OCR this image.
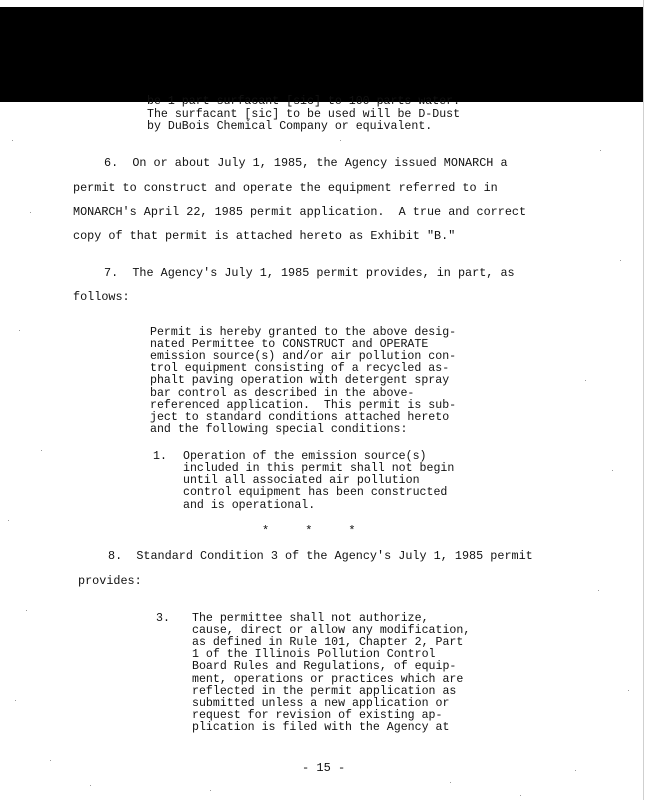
be 1 part surfacant [sic] to 100 parts water.
The surfacant [sic] to be used will be D-Dust
by DuBois Chemical Company or equivalent.
6.  On or about July 1, 1985, the Agency issued MONARCH a
permit to construct and operate the equipment referred to in
MONARCH's April 22, 1985 permit application.  A true and correct
copy of that permit is attached hereto as Exhibit "B."
7.  The Agency's July 1, 1985 permit provides, in part, as
follows:
Permit is hereby granted to the above desig-
nated Permittee to CONSTRUCT and OPERATE
emission source(s) and/or air pollution con-
trol equipment consisting of a recycled as-
phalt paving operation with detergent spray
bar control as described in the above-
referenced application.  This permit is sub-
ject to standard conditions attached hereto
and the following special conditions:
1. Operation of the emission source(s)
included in this permit shall not begin
until all associated air pollution
control equipment has been constructed
and is operational.
*     *     *
8.  Standard Condition 3 of the Agency's July 1, 1985 permit
provides:
3. The permittee shall not authorize,
cause, direct or allow any modification,
as defined in Rule 101, Chapter 2, Part
1 of the Illinois Pollution Control
Board Rules and Regulations, of equip-
ment, operations or practices which are
reflected in the permit application as
submitted unless a new application or
request for revision of existing ap-
plication is filed with the Agency at
- 15 -
